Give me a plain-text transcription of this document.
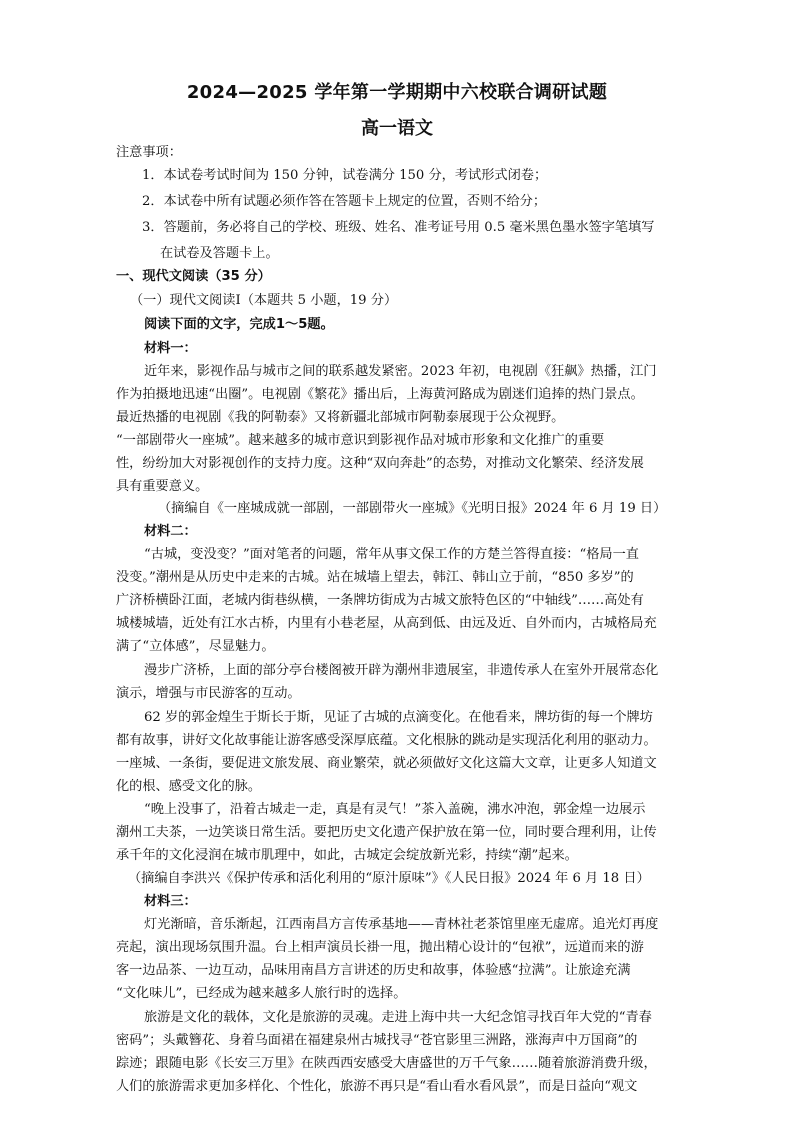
2024—2025 学年第一学期期中六校联合调研试题
高一语文
注意事项：
1．本试卷考试时间为 150 分钟，试卷满分 150 分，考试形式闭卷；
2．本试卷中所有试题必须作答在答题卡上规定的位置，否则不给分；
3．答题前，务必将自己的学校、班级、姓名、准考证号用 0.5 毫米黑色墨水签字笔填写
在试卷及答题卡上。
一、现代文阅读（35 分）
（一）现代文阅读Ⅰ（本题共 5 小题，19 分）
阅读下面的文字，完成1～5题。
材料一：
近年来，影视作品与城市之间的联系越发紧密。2023 年初，电视剧《狂飙》热播，江门
作为拍摄地迅速“出圈”。电视剧《繁花》播出后，上海黄河路成为剧迷们追捧的热门景点。
最近热播的电视剧《我的阿勒泰》又将新疆北部城市阿勒泰展现于公众视野。
“一部剧带火一座城”。越来越多的城市意识到影视作品对城市形象和文化推广的重要
性，纷纷加大对影视创作的支持力度。这种“双向奔赴”的态势，对推动文化繁荣、经济发展
具有重要意义。
（摘编自《一座城成就一部剧，一部剧带火一座城》《光明日报》2024 年 6 月 19 日）
材料二：
“古城，变没变？”面对笔者的问题，常年从事文保工作的方楚兰答得直接：“格局一直
没变。”潮州是从历史中走来的古城。站在城墙上望去，韩江、韩山立于前，“850 多岁”的
广济桥横卧江面，老城内街巷纵横，一条牌坊街成为古城文旅特色区的“中轴线”……高处有
城楼城墙，近处有江水古桥，内里有小巷老屋，从高到低、由远及近、自外而内，古城格局充
满了“立体感”，尽显魅力。
漫步广济桥，上面的部分亭台楼阁被开辟为潮州非遗展室，非遗传承人在室外开展常态化
演示，增强与市民游客的互动。
62 岁的郭金煌生于斯长于斯，见证了古城的点滴变化。在他看来，牌坊街的每一个牌坊
都有故事，讲好文化故事能让游客感受深厚底蕴。文化根脉的跳动是实现活化利用的驱动力。
一座城、一条街，要促进文旅发展、商业繁荣，就必须做好文化这篇大文章，让更多人知道文
化的根、感受文化的脉。
“晚上没事了，沿着古城走一走，真是有灵气！”茶入盖碗，沸水冲泡，郭金煌一边展示
潮州工夫茶，一边笑谈日常生活。要把历史文化遗产保护放在第一位，同时要合理利用，让传
承千年的文化浸润在城市肌理中，如此，古城定会绽放新光彩，持续“潮”起来。
（摘编自李洪兴《保护传承和活化利用的“原汁原味”》《人民日报》2024 年 6 月 18 日）
材料三：
灯光渐暗，音乐渐起，江西南昌方言传承基地——青林社老茶馆里座无虚席。追光灯再度
亮起，演出现场氛围升温。台上相声演员长褂一甩，抛出精心设计的“包袱”，远道而来的游
客一边品茶、一边互动，品味用南昌方言讲述的历史和故事，体验感“拉满”。让旅途充满
“文化味儿”，已经成为越来越多人旅行时的选择。
旅游是文化的载体，文化是旅游的灵魂。走进上海中共一大纪念馆寻找百年大党的“青春
密码”；头戴簪花、身着乌面裙在福建泉州古城找寻“苍官影里三洲路，涨海声中万国商”的
踪迹；跟随电影《长安三万里》在陕西西安感受大唐盛世的万千气象……随着旅游消费升级，
人们的旅游需求更加多样化、个性化，旅游不再只是“看山看水看风景”，而是日益向“观文
